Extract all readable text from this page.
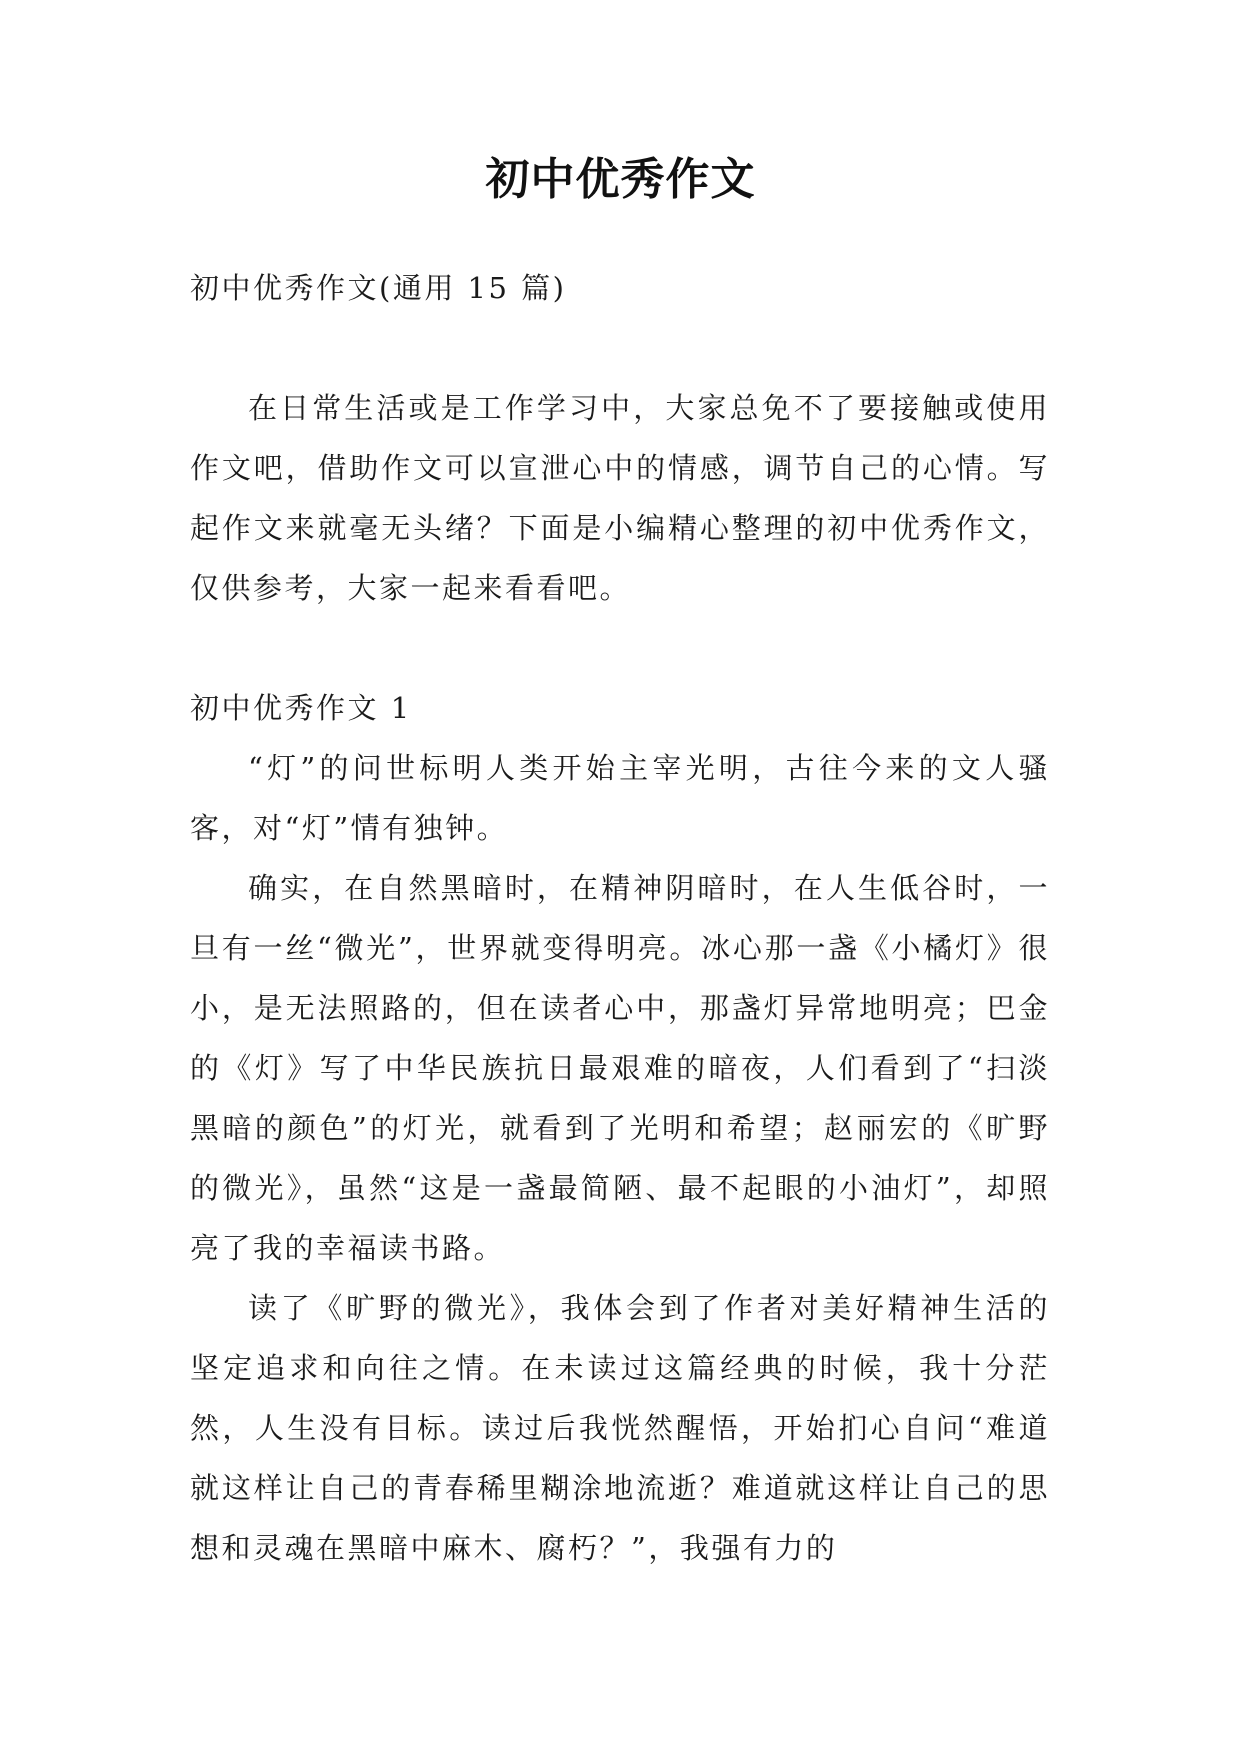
初中优秀作文

初中优秀作文(通用 15 篇)

在日常生活或是工作学习中，大家总免不了要接触或使用作文吧，借助作文可以宣泄心中的情感，调节自己的心情。写起作文来就毫无头绪？下面是小编精心整理的初中优秀作文，仅供参考，大家一起来看看吧。

初中优秀作文 1

“灯”的问世标明人类开始主宰光明，古往今来的文人骚客，对“灯”情有独钟。

确实，在自然黑暗时，在精神阴暗时，在人生低谷时，一旦有一丝“微光”，世界就变得明亮。冰心那一盏《小橘灯》很小，是无法照路的，但在读者心中，那盏灯异常地明亮；巴金的《灯》写了中华民族抗日最艰难的暗夜，人们看到了“扫淡黑暗的颜色”的灯光，就看到了光明和希望；赵丽宏的《旷野的微光》，虽然“这是一盏最简陋、最不起眼的小油灯”，却照亮了我的幸福读书路。

读了《旷野的微光》，我体会到了作者对美好精神生活的坚定追求和向往之情。在未读过这篇经典的时候，我十分茫然，人生没有目标。读过后我恍然醒悟，开始扪心自问“难道就这样让自己的青春稀里糊涂地流逝？难道就这样让自己的思想和灵魂在黑暗中麻木、腐朽？”，我强有力的
